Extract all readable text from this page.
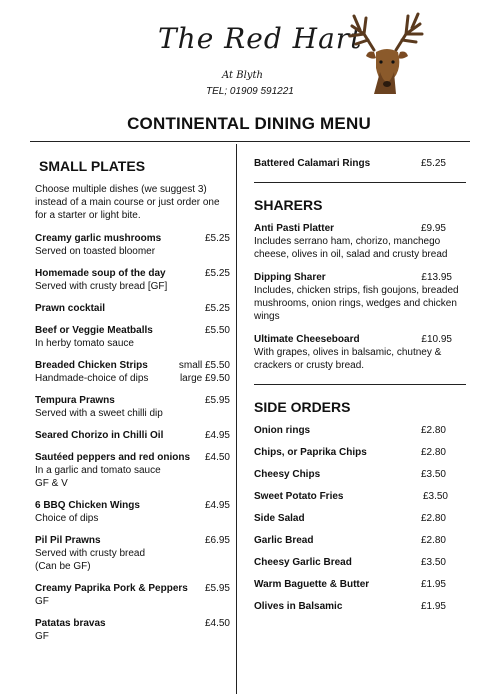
The Red Hart
At Blyth
TEL; 01909 591221
CONTINENTAL DINING MENU
SMALL PLATES
Choose multiple dishes (we suggest 3) instead of a main course or just order one for a starter or light bite.
Creamy garlic mushrooms	£5.25
Served on toasted bloomer
Homemade soup of the day	£5.25
Served with crusty bread [GF]
Prawn cocktail	£5.25
Beef or Veggie Meatballs	£5.50
In herby tomato sauce
Breaded Chicken Strips	small £5.50
Handmade-choice of dips	large £9.50
Tempura Prawns	£5.95
Served with a sweet chilli dip
Seared Chorizo in Chilli Oil	£4.95
Sautéed peppers and red onions £4.50
In a garlic and tomato sauce
GF & V
6 BBQ Chicken Wings	£4.95
Choice of dips
Pil Pil Prawns	£6.95
Served with crusty bread
(Can be GF)
Creamy Paprika Pork & Peppers £5.95
GF
Patatas bravas	£4.50
GF
Battered Calamari Rings	£5.25
SHARERS
Anti Pasti Platter	£9.95
Includes serrano ham, chorizo, manchego cheese, olives in oil, salad and crusty bread
Dipping Sharer	£13.95
Includes, chicken strips, fish goujons, breaded mushrooms, onion rings, wedges and chicken wings
Ultimate Cheeseboard	£10.95
With grapes, olives in balsamic, chutney & crackers or crusty bread.
SIDE ORDERS
Onion rings	£2.80
Chips, or Paprika Chips	£2.80
Cheesy Chips	£3.50
Sweet Potato Fries	£3.50
Side Salad	£2.80
Garlic Bread	£2.80
Cheesy Garlic Bread	£3.50
Warm Baguette & Butter	£1.95
Olives in Balsamic	£1.95
